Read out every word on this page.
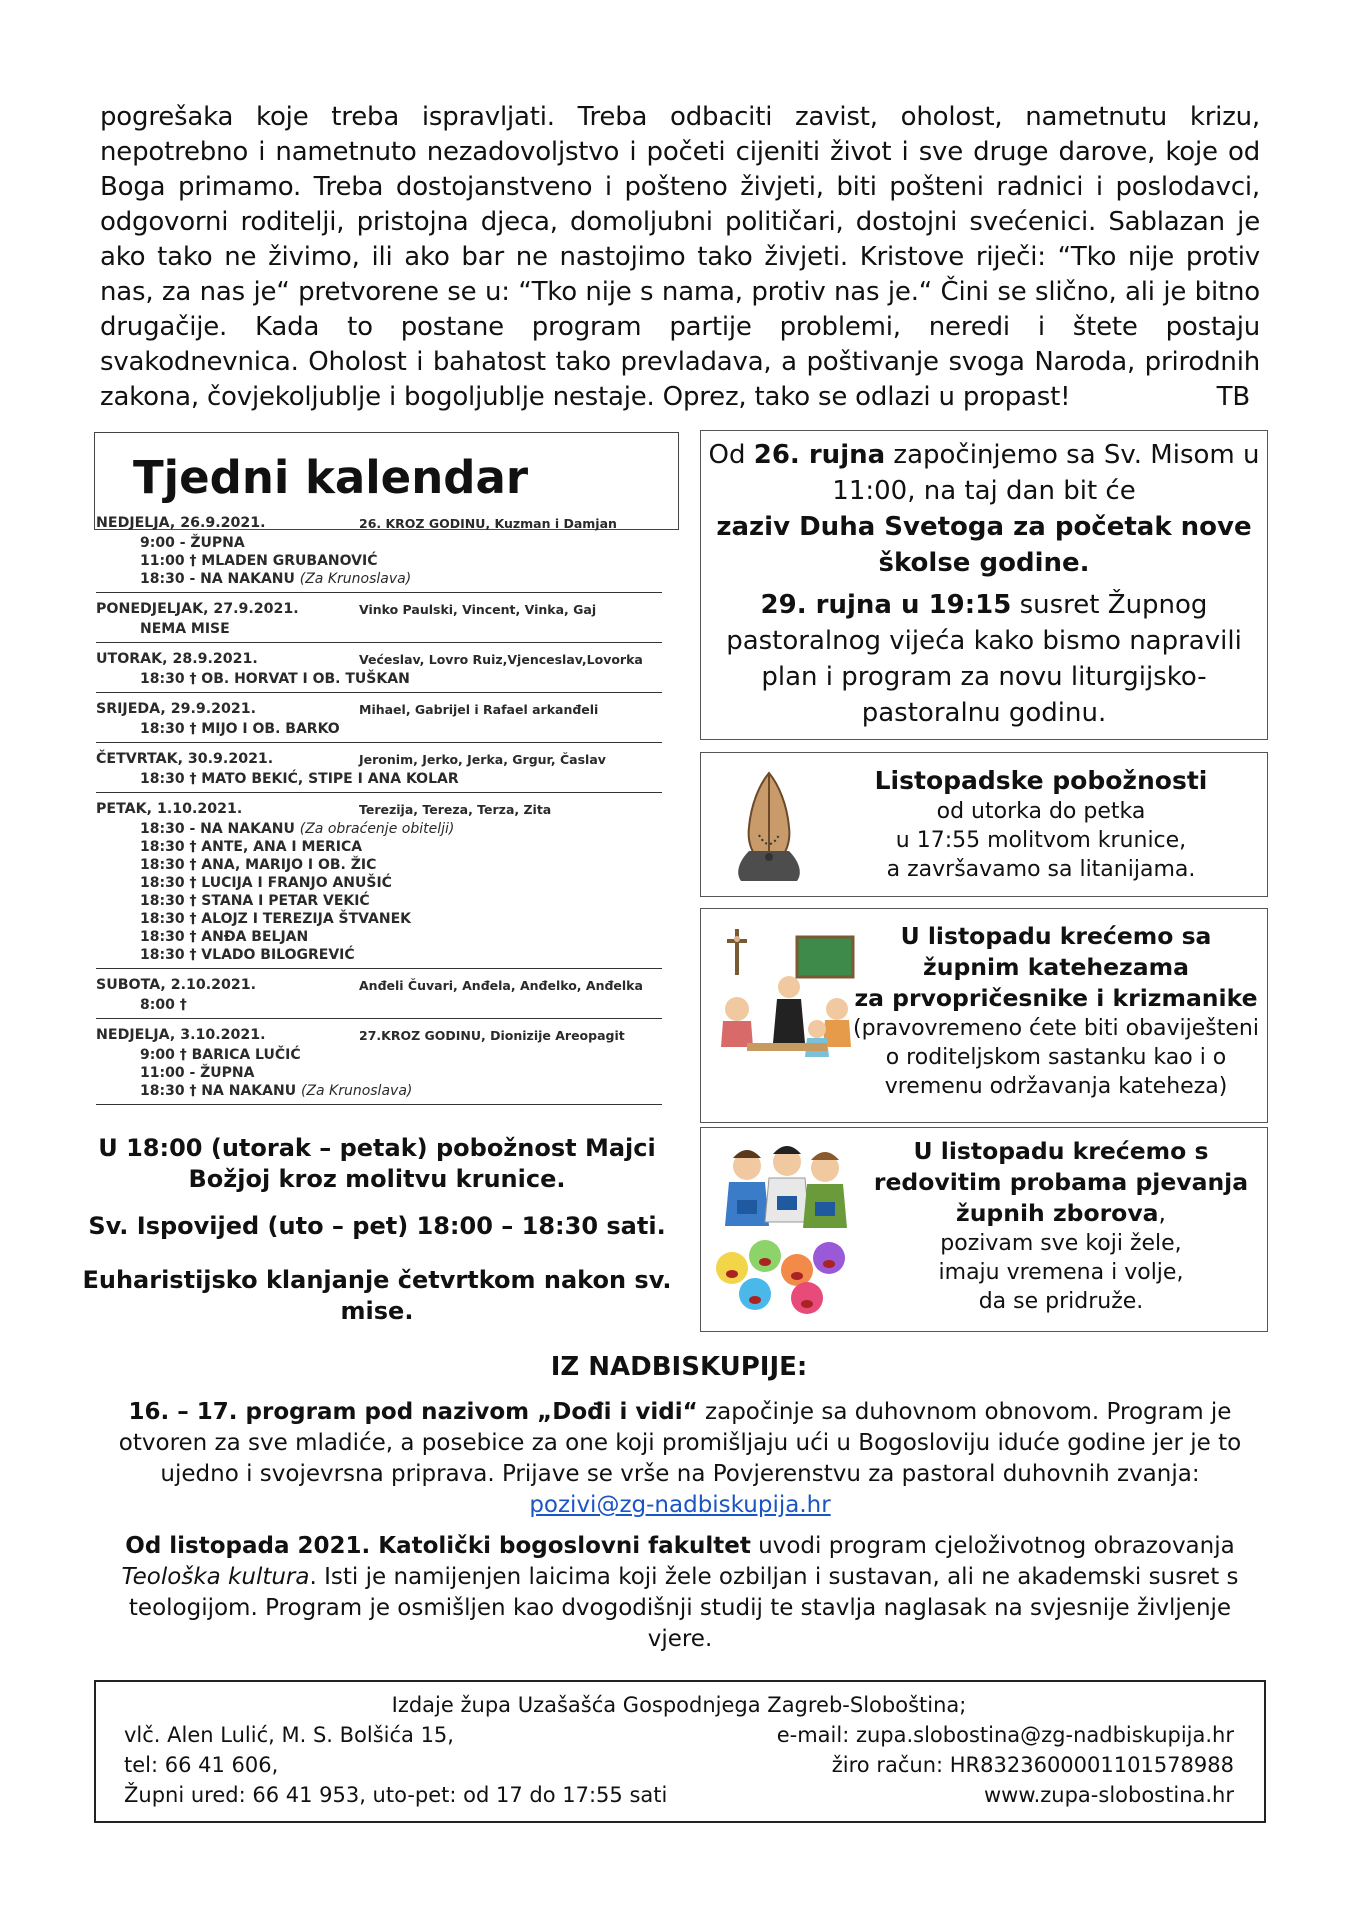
pogrešaka koje treba ispravljati. Treba odbaciti zavist, oholost, nametnutu krizu, nepotrebno i nametnuto nezadovoljstvo i početi cijeniti život i sve druge darove, koje od Boga primamo. Treba dostojanstveno i pošteno živjeti, biti pošteni radnici i poslodavci, odgovorni roditelji, pristojna djeca, domoljubni političari, dostojni svećenici. Sablazan je ako tako ne živimo, ili ako bar ne nastojimo tako živjeti. Kristove riječi: “Tko nije protiv nas, za nas je“ pretvorene se u: “Tko nije s nama, protiv nas je.“ Čini se slično, ali je bitno drugačije. Kada to postane program partije problemi, neredi i štete postaju svakodnevnica. Oholost i bahatost tako prevladava, a poštivanje svoga Naroda, prirodnih zakona, čovjekoljublje i bogoljublje nestaje. Oprez, tako se odlazi u propast!	TB
Tjedni kalendar
NEDJELJA, 26.9.2021.	26. KROZ GODINU, Kuzman i Damjan
9:00 - ŽUPNA
11:00 † MLADEN GRUBANOVIĆ
18:30 - NA NAKANU (Za Krunoslava)
PONEDJELJAK, 27.9.2021.	Vinko Paulski, Vincent, Vinka, Gaj
NEMA MISE
UTORAK, 28.9.2021.	Većeslav, Lovro Ruiz,Vjenceslav,Lovorka
18:30 † OB. HORVAT I OB. TUŠKAN
SRIJEDA, 29.9.2021.	Mihael, Gabrijel i Rafael arkanđeli
18:30 † MIJO I OB. BARKO
ČETVRTAK, 30.9.2021.	Jeronim, Jerko, Jerka, Grgur, Časlav
18:30 † MATO BEKIĆ, STIPE I ANA KOLAR
PETAK, 1.10.2021.	Terezija, Tereza, Terza, Zita
18:30 - NA NAKANU (Za obraćenje obitelji)
18:30 † ANTE, ANA I MERICA
18:30 † ANA, MARIJO I OB. ŽIC
18:30 † LUCIJA I FRANJO ANUŠIĆ
18:30 † STANA I PETAR VEKIĆ
18:30 † ALOJZ I TEREZIJA ŠTVANEK
18:30 † ANĐA BELJAN
18:30 † VLADO BILOGREVIĆ
SUBOTA, 2.10.2021.	Anđeli Čuvari, Anđela, Anđelko, Anđelka
8:00 †
NEDJELJA, 3.10.2021.	27.KROZ GODINU, Dionizije Areopagit
9:00 † BARICA LUČIĆ
11:00 - ŽUPNA
18:30 † NA NAKANU (Za Krunoslava)
U 18:00 (utorak – petak) pobožnost Majci Božjoj kroz molitvu krunice.
Sv. Ispovijed (uto – pet) 18:00 – 18:30 sati.
Euharistijsko klanjanje četvrtkom nakon sv. mise.
Od 26. rujna započinjemo sa Sv. Misom u 11:00, na taj dan bit će
zaziv Duha Svetoga za početak nove školse godine.
29. rujna u 19:15 susret Župnog pastoralnog vijeća kako bismo napravili plan i program za novu liturgijsko-pastoralnu godinu.
Listopadske pobožnosti
od utorka do petka
u 17:55 molitvom krunice,
a završavamo sa litanijama.
U listopadu krećemo sa
župnim katehezama
za prvopričesnike i krizmanike
(pravovremeno ćete biti obaviješteni
o roditeljskom sastanku kao i o
vremenu održavanja kateheza)
U listopadu krećemo s
redovitim probama pjevanja
župnih zborova,
pozivam sve koji žele,
imaju vremena i volje,
da se pridruže.
IZ NADBISKUPIJE:
16. – 17. program pod nazivom „Dođi i vidi“ započinje sa duhovnom obnovom. Program je otvoren za sve mladiće, a posebice za one koji promišljaju ući u Bogosloviju iduće godine jer je to ujedno i svojevrsna priprava. Prijave se vrše na Povjerenstvu za pastoral duhovnih zvanja:
pozivi@zg-nadbiskupija.hr
Od listopada 2021. Katolički bogoslovni fakultet uvodi program cjeloživotnog obrazovanja Teološka kultura. Isti je namijenjen laicima koji žele ozbiljan i sustavan, ali ne akademski susret s teologijom. Program je osmišljen kao dvogodišnji studij te stavlja naglasak na svjesnije življenje vjere.
Izdaje župa Uzašašća Gospodnjega Zagreb-Sloboština;
vlč. Alen Lulić, M. S. Bolšića 15,	e-mail: zupa.slobostina@zg-nadbiskupija.hr
tel: 66 41 606,	žiro račun: HR8323600001101578988
Župni ured: 66 41 953, uto-pet: od 17 do 17:55 sati	www.zupa-slobostina.hr
